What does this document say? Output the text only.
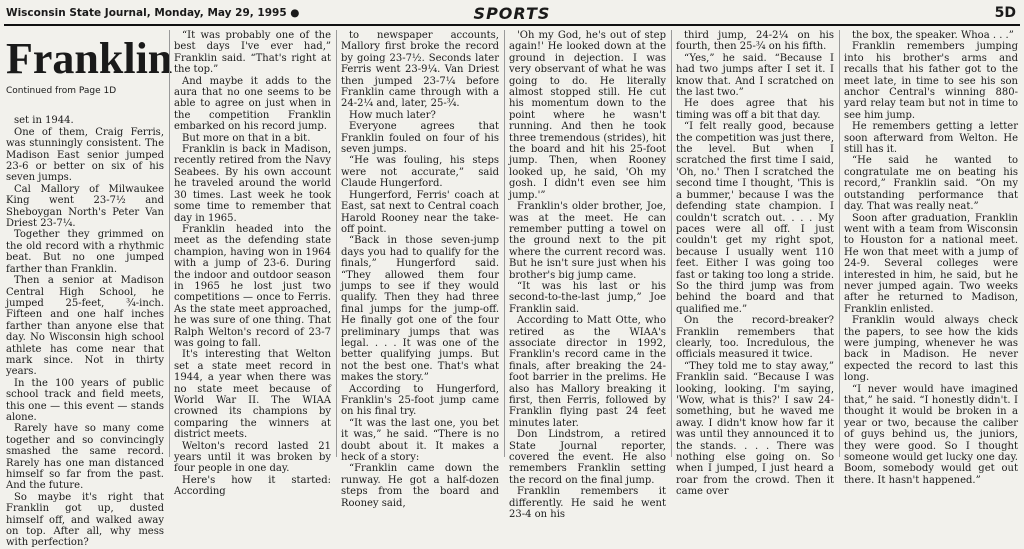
Wisconsin State Journal, Monday, May 29, 1995 ●	SPORTS	5D
Franklin
Continued from Page 1D

set in 1944.

One of them, Craig Ferris, was stunningly consistent. The Madison East senior jumped 23-6 or better on six of his seven jumps.

Cal Mallory of Milwaukee King went 23-7½ and Sheboygan North's Peter Van Driest 23-7¼.

Together they grimmed on the old record with a rhythmic beat. But no one jumped farther than Franklin.

Then a senior at Madison Central High School, he jumped 25-feet, ¾-inch. Fifteen and one half inches farther than anyone else that day. No Wisconsin high school athlete has come near that mark since. Not in thirty years.

In the 100 years of public school track and field meets, this one — this event — stands alone.

Rarely have so many come together and so convincingly smashed the same record. Rarely has one man distanced himself so far from the past. And the future.

So maybe it's right that Franklin got up, dusted himself off, and walked away on top. After all, why mess with perfection?

“It was probably one of the best days I've ever had,” Franklin said. “That's right at the top.”

And maybe it adds to the aura that no one seems to be able to agree on just when in the competition Franklin embarked on his record jump.

But more on that in a bit.

Franklin is back in Madison, recently retired from the Navy Seabees. By his own account he traveled around the world 30 times. Last week he took some time to remember that day in 1965.

Franklin headed into the meet as the defending state champion, having won in 1964 with a jump of 23-6. During the indoor and outdoor season in 1965 he lost just two competitions — once to Ferris. As the state meet approached, he was sure of one thing. That Ralph Welton's record of 23-7 was going to fall.

It's interesting that Welton set a state meet record in 1944, a year when there was no state meet because of World War II. The WIAA crowned its champions by comparing the winners at district meets.

Welton's record lasted 21 years until it was broken by four people in one day.

Here's how it started: According

to newspaper accounts, Mallory first broke the record by going 23-7½. Seconds later Ferris went 23-9¼. Van Driest then jumped 23-7¼ before Franklin came through with a 24-2¼ and, later, 25-¾.

How much later?

Everyone agrees that Franklin fouled on four of his seven jumps.

“He was fouling, his steps were not accurate,” said Claude Hungerford.

Hungerford, Ferris' coach at East, sat next to Central coach Harold Rooney near the take-off point.

“Back in those seven-jump days you had to qualify for the finals,” Hungerford said. “They allowed them four jumps to see if they would qualify. Then they had three final jumps for the jump-off. He finally got one of the four preliminary jumps that was legal. . . . It was one of the better qualifying jumps. But not the best one. That's what makes the story.”

According to Hungerford, Franklin's 25-foot jump came on his final try.

“It was the last one, you bet it was,” he said. “There is no doubt about it. It makes a heck of a story:

“Franklin came down the runway. He got a half-dozen steps from the board and Rooney said,

'Oh my God, he's out of step again!' He looked down at the ground in dejection. I was very observant of what he was going to do. He literally almost stopped still. He cut his momentum down to the point where he wasn't running. And then he took three tremendous (strides), hit the board and hit his 25-foot jump. Then, when Rooney looked up, he said, 'Oh my gosh. I didn't even see him jump.'”

Franklin's older brother, Joe, was at the meet. He can remember putting a towel on the ground next to the pit where the current record was. But he isn't sure just when his brother's big jump came.

“It was his last or his second-to-the-last jump,” Joe Franklin said.

According to Matt Otte, who retired as the WIAA's associate director in 1992, Franklin's record came in the finals, after breaking the 24-foot barrier in the prelims. He also has Mallory breaking it first, then Ferris, followed by Franklin flying past 24 feet minutes later.

Don Lindstrom, a retired State Journal reporter, covered the event. He also remembers Franklin setting the record on the final jump.

Franklin remembers it differently. He said he went 23-4 on his

third jump, 24-2¼ on his fourth, then 25-¾ on his fifth.

“Yes,” he said. “Because I had two jumps after I set it. I know that. And I scratched on the last two.”

He does agree that his timing was off a bit that day.

“I felt really good, because the competition was just there, the level. But when I scratched the first time I said, 'Oh, no.' Then I scratched the second time I thought, 'This is a bummer,' because I was the defending state champion. I couldn't scratch out. . . . My paces were all off. I just couldn't get my right spot, because I usually went 110 feet. Either I was going too fast or taking too long a stride. So the third jump was from behind the board and that qualified me.”

On the record-breaker? Franklin remembers that clearly, too. Incredulous, the officials measured it twice.

“They told me to stay away,” Franklin said. “Because I was looking, looking. I'm saying, 'Wow, what is this?' I saw 24-something, but he waved me away. I didn't know how far it was until they announced it to the stands. . . . There was nothing else going on. So when I jumped, I just heard a roar from the crowd. Then it came over

the box, the speaker. Whoa . . .”

Franklin remembers jumping into his brother's arms and recalls that his father got to the meet late, in time to see his son anchor Central's winning 880-yard relay team but not in time to see him jump.

He remembers getting a letter soon afterward from Welton. He still has it.

“He said he wanted to congratulate me on beating his record,” Franklin said. “On my outstanding performance that day. That was really neat.”

Soon after graduation, Franklin went with a team from Wisconsin to Houston for a national meet. He won that meet with a jump of 24-9. Several colleges were interested in him, he said, but he never jumped again. Two weeks after he returned to Madison, Franklin enlisted.

Franklin would always check the papers, to see how the kids were jumping, whenever he was back in Madison. He never expected the record to last this long.

“I never would have imagined that,” he said. “I honestly didn't. I thought it would be broken in a year or two, because the caliber of guys behind us, the juniors, they were good. So I thought someone would get lucky one day. Boom, somebody would get out there. It hasn't happened.”
